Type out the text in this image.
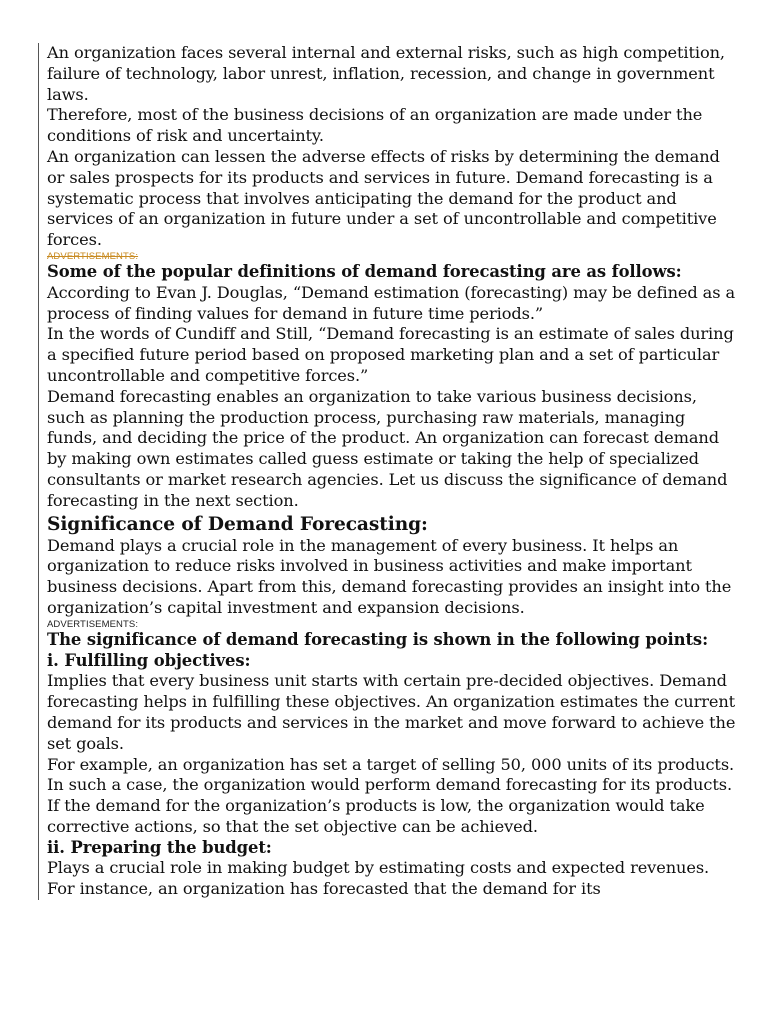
An organization faces several internal and external risks, such as high competition, failure of technology, labor unrest, inflation, recession, and change in government laws.

Therefore, most of the business decisions of an organization are made under the conditions of risk and uncertainty.

An organization can lessen the adverse effects of risks by determining the demand or sales prospects for its products and services in future. Demand forecasting is a systematic process that involves anticipating the demand for the product and services of an organization in future under a set of uncontrollable and competitive forces.

ADVERTISEMENTS:
Some of the popular definitions of demand forecasting are as follows:

According to Evan J. Douglas, “Demand estimation (forecasting) may be defined as a process of finding values for demand in future time periods.”

In the words of Cundiff and Still, “Demand forecasting is an estimate of sales during a specified future period based on proposed marketing plan and a set of particular uncontrollable and competitive forces.”

Demand forecasting enables an organization to take various business decisions, such as planning the production process, purchasing raw materials, managing funds, and deciding the price of the product. An organization can forecast demand by making own estimates called guess estimate or taking the help of specialized consultants or market research agencies. Let us discuss the significance of demand forecasting in the next section.

Significance of Demand Forecasting:

Demand plays a crucial role in the management of every business. It helps an organization to reduce risks involved in business activities and make important business decisions. Apart from this, demand forecasting provides an insight into the organization’s capital investment and expansion decisions.

ADVERTISEMENTS:
The significance of demand forecasting is shown in the following points:
i. Fulfilling objectives:

Implies that every business unit starts with certain pre-decided objectives. Demand forecasting helps in fulfilling these objectives. An organization estimates the current demand for its products and services in the market and move forward to achieve the set goals.

For example, an organization has set a target of selling 50, 000 units of its products. In such a case, the organization would perform demand forecasting for its products. If the demand for the organization’s products is low, the organization would take corrective actions, so that the set objective can be achieved.

ii. Preparing the budget:

Plays a crucial role in making budget by estimating costs and expected revenues. For instance, an organization has forecasted that the demand for its
